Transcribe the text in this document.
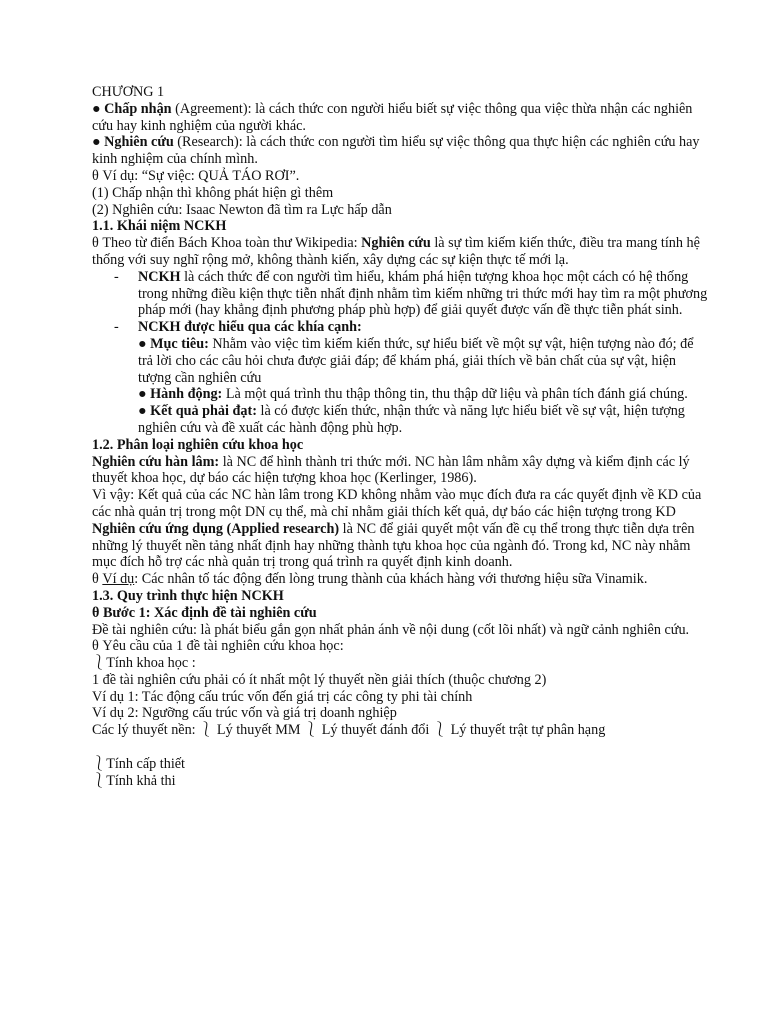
CHƯƠNG 1
● Chấp nhận (Agreement): là cách thức con người hiểu biết sự việc thông qua việc thừa nhận các nghiên cứu hay kinh nghiệm của người khác.
● Nghiên cứu (Research): là cách thức con người tìm hiểu sự việc thông qua thực hiện các nghiên cứu hay kinh nghiệm của chính mình.
θ Ví dụ: “Sự việc: QUẢ TÁO RƠI”.
(1) Chấp nhận thì không phát hiện gì thêm
(2) Nghiên cứu: Isaac Newton đã tìm ra Lực hấp dẫn
1.1. Khái niệm NCKH
θ Theo từ điển Bách Khoa toàn thư Wikipedia: Nghiên cứu là sự tìm kiếm kiến thức, điều tra mang tính hệ thống với suy nghĩ rộng mở, không thành kiến, xây dựng các sự kiện thực tế mới lạ.
- NCKH là cách thức để con người tìm hiểu, khám phá hiện tượng khoa học một cách có hệ thống trong những điều kiện thực tiễn nhất định nhằm tìm kiếm những tri thức mới hay tìm ra một phương pháp mới (hay khẳng định phương pháp phù hợp) để giải quyết được vấn đề thực tiễn phát sinh.
- NCKH được hiểu qua các khía cạnh:
● Mục tiêu: Nhằm vào việc tìm kiếm kiến thức, sự hiểu biết về một sự vật, hiện tượng nào đó; để trả lời cho các câu hỏi chưa được giải đáp; để khám phá, giải thích về bản chất của sự vật, hiện tượng cần nghiên cứu
● Hành động: Là một quá trình thu thập thông tin, thu thập dữ liệu và phân tích đánh giá chúng.
● Kết quả phải đạt: là có được kiến thức, nhận thức và năng lực hiểu biết về sự vật, hiện tượng nghiên cứu và đề xuất các hành động phù hợp.
1.2. Phân loại nghiên cứu khoa học
Nghiên cứu hàn lâm: là NC để hình thành tri thức mới. NC hàn lâm nhằm xây dựng và kiểm định các lý thuyết khoa học, dự báo các hiện tượng khoa học (Kerlinger, 1986).
Vì vậy: Kết quả của các NC hàn lâm trong KD không nhằm vào mục đích đưa ra các quyết định về KD của các nhà quản trị trong một DN cụ thể, mà chỉ nhằm giải thích kết quả, dự báo các hiện tượng trong KD
Nghiên cứu ứng dụng (Applied research) là NC để giải quyết một vấn đề cụ thể trong thực tiễn dựa trên những lý thuyết nền tảng nhất định hay những thành tựu khoa học của ngành đó. Trong kd, NC này nhằm mục đích hỗ trợ các nhà quản trị trong quá trình ra quyết định kinh doanh.
θ Ví dụ: Các nhân tố tác động đến lòng trung thành của khách hàng với thương hiệu sữa Vinamik.
1.3. Quy trình thực hiện NCKH
θ Bước 1: Xác định đề tài nghiên cứu
Đề tài nghiên cứu: là phát biểu gắn gọn nhất phản ánh về nội dung (cốt lõi nhất) và ngữ cảnh nghiên cứu.
θ Yêu cầu của 1 đề tài nghiên cứu khoa học:
⎱Tính khoa học :
1 đề tài nghiên cứu phải có ít nhất một lý thuyết nền giải thích (thuộc chương 2)
Ví dụ 1: Tác động cấu trúc vốn đến giá trị các công ty phi tài chính
Ví dụ 2: Ngưỡng cấu trúc vốn và giá trị doanh nghiệp
Các lý thuyết nền: ⎱ Lý thuyết MM ⎱ Lý thuyết đánh đổi ⎱ Lý thuyết trật tự phân hạng
⎱Tính cấp thiết
⎱Tính khả thi
